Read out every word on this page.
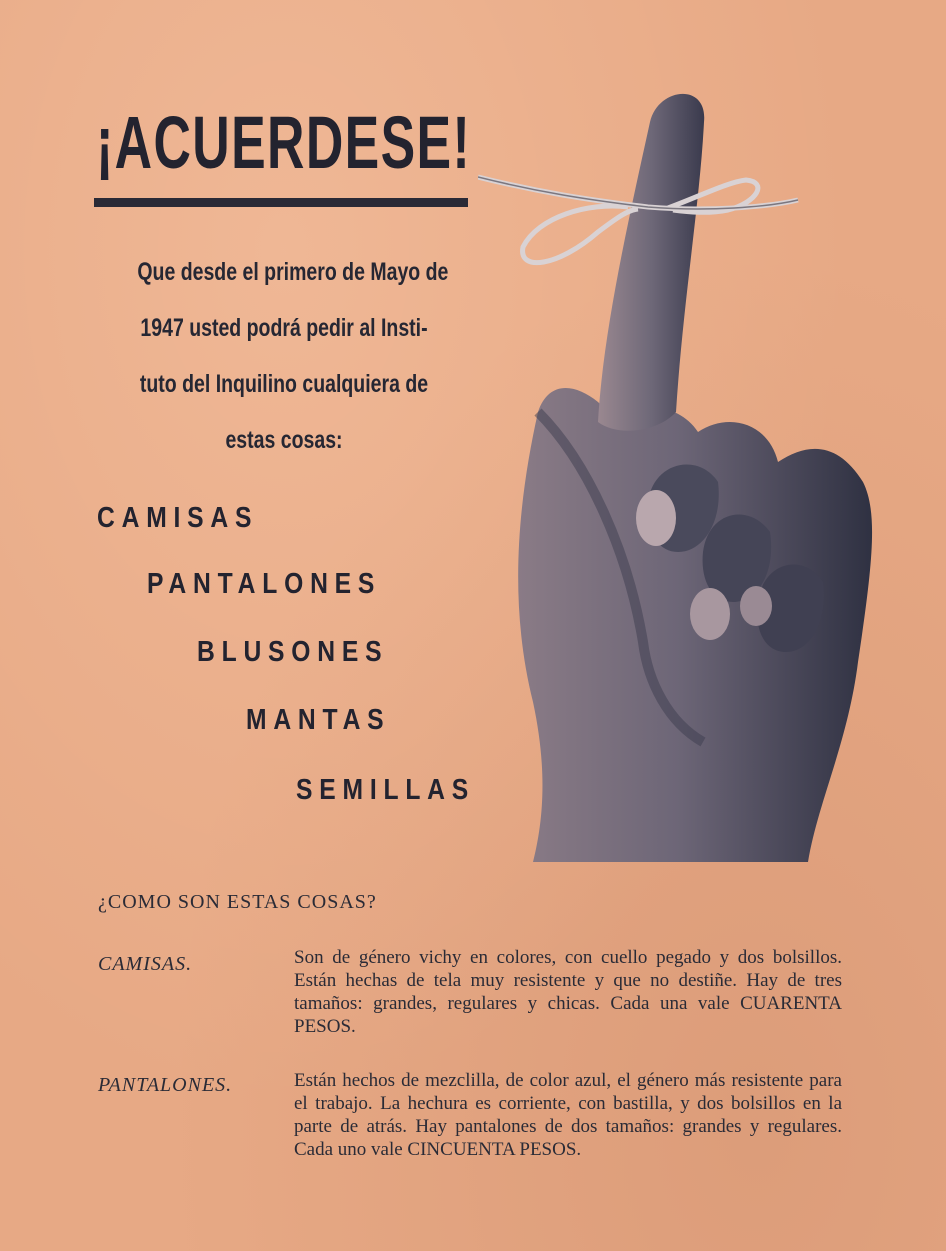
¡ACUERDESE!
Que desde el primero de Mayo de
1947 usted podrá pedir al Insti-
tuto del Inquilino cualquiera de
estas cosas:
CAMISAS
PANTALONES
BLUSONES
MANTAS
SEMILLAS
¿COMO SON ESTAS COSAS?
CAMISAS.	Son de género vichy en colores, con cuello pegado y dos bolsillos. Están hechas de tela muy resistente y que no destiñe. Hay de tres tamaños: grandes, regulares y chicas. Cada una vale CUARENTA PESOS.
PANTALONES.	Están hechos de mezclilla, de color azul, el género más resistente para el trabajo. La hechura es corriente, con bastilla, y dos bolsillos en la parte de atrás. Hay pantalones de dos tamaños: grandes y regulares. Cada uno vale CINCUENTA PESOS.
